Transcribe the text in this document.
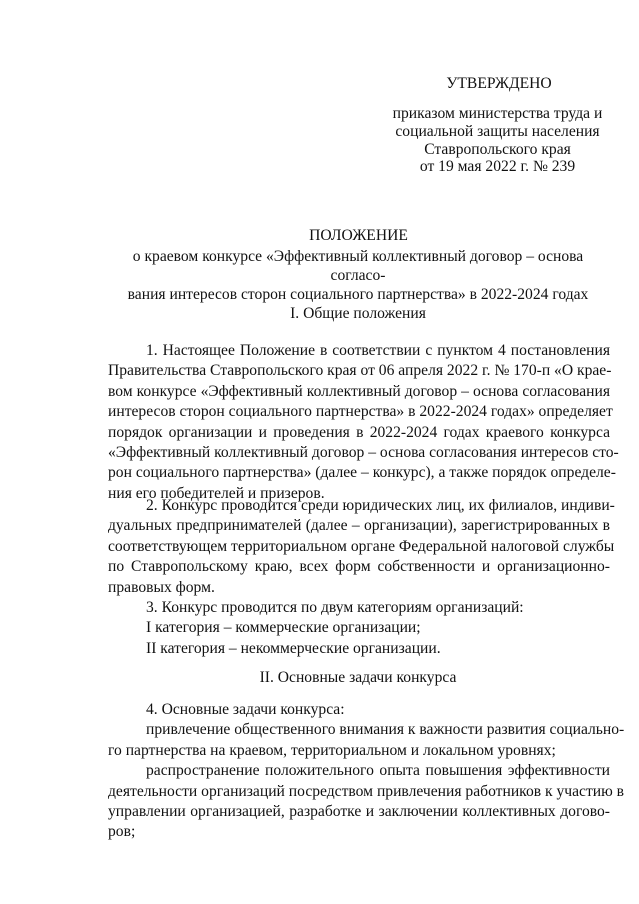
УТВЕРЖДЕНО
приказом министерства труда и
социальной защиты населения
Ставропольского края
от 19 мая 2022 г. № 239
ПОЛОЖЕНИЕ
о краевом конкурсе «Эффективный коллективный договор – основа согласо-
вания интересов сторон социального партнерства» в 2022-2024 годах
I. Общие положения
1. Настоящее Положение в соответствии с пунктом 4 постановления
Правительства Ставропольского края от 06 апреля 2022 г. № 170-п «О крае-
вом конкурсе «Эффективный коллективный договор – основа согласования
интересов сторон социального партнерства» в 2022-2024 годах» определяет
порядок организации и проведения в 2022-2024 годах краевого конкурса
«Эффективный коллективный договор – основа согласования интересов сто-
рон социального партнерства» (далее – конкурс), а также порядок определе-
ния его победителей и призеров.
2. Конкурс проводится среди юридических лиц, их филиалов, индиви-
дуальных предпринимателей (далее – организации), зарегистрированных в
соответствующем территориальном органе Федеральной налоговой службы
по Ставропольскому краю, всех форм собственности и организационно-
правовых форм.
3. Конкурс проводится по двум категориям организаций:
I категория – коммерческие организации;
II категория – некоммерческие организации.
II. Основные задачи конкурса
4. Основные задачи конкурса:
привлечение общественного внимания к важности развития социально-
го партнерства на краевом, территориальном и локальном уровнях;
распространение положительного опыта повышения эффективности
деятельности организаций посредством привлечения работников к участию в
управлении организацией, разработке и заключении коллективных догово-
ров;
